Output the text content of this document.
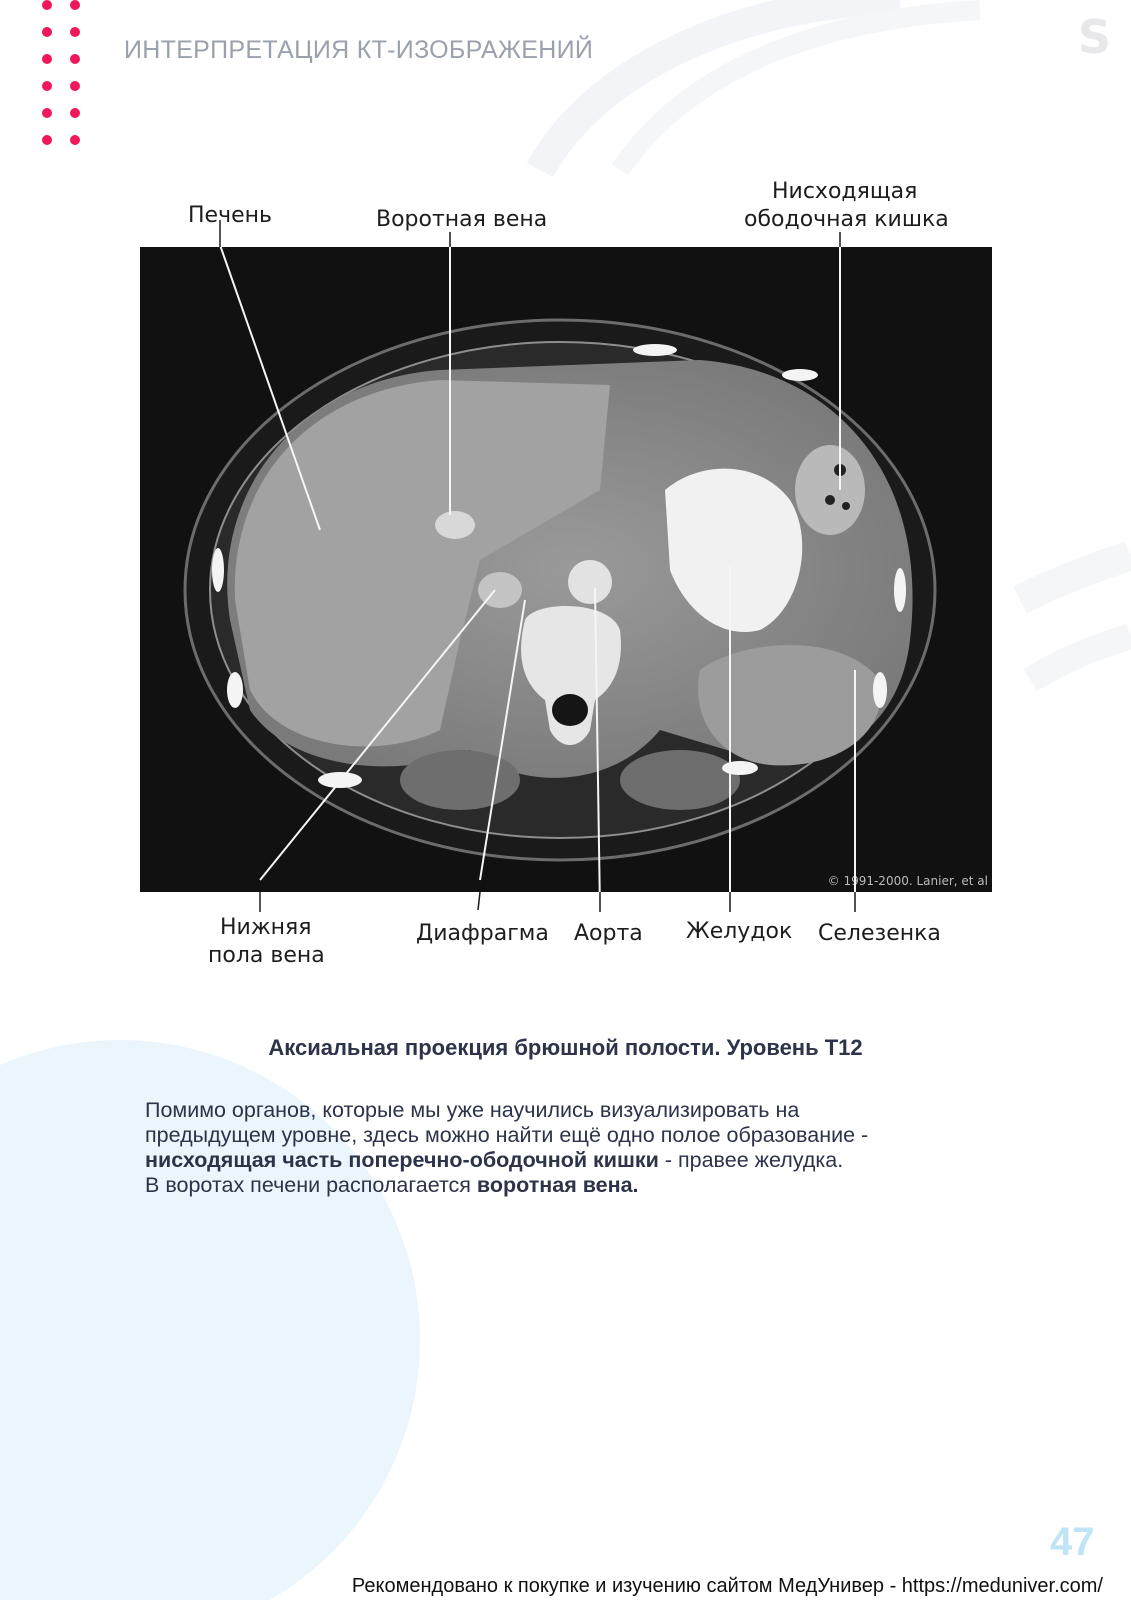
ИНТЕРПРЕТАЦИЯ КТ-ИЗОБРАЖЕНИЙ	S
© 1991-2000. Lanier, et al
Печень	Воротная вена
Нисходящая
ободочная кишка
Нижняя
пола вена
Диафрагма Аорта Желудок Селезенка
Аксиальная проекция брюшной полости. Уровень Т12
Помимо органов, которые мы уже научились визуализировать на
предыдущем уровне, здесь можно найти ещё одно полое образование -
нисходящая часть поперечно-ободочной кишки - правее желудка.
В воротах печени располагается воротная вена.
47
Рекомендовано к покупке и изучению сайтом МедУнивер - https://meduniver.com/
